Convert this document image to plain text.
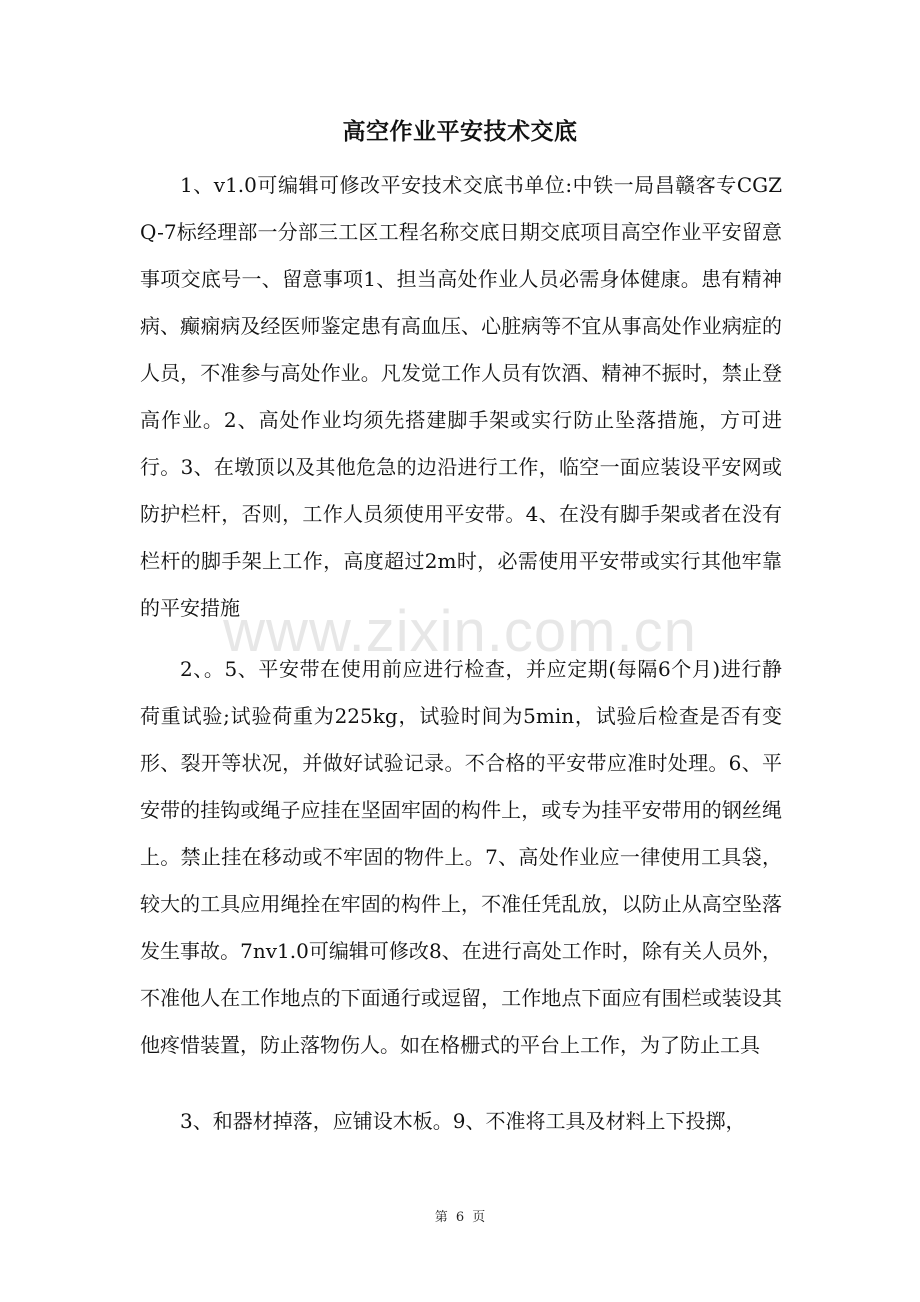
高空作业平安技术交底

1、v1.0可编辑可修改平安技术交底书单位:中铁一局昌赣客专CGZQ-7标经理部一分部三工区工程名称交底日期交底项目高空作业平安留意事项交底号一、留意事项1、担当高处作业人员必需身体健康。患有精神病、癫痫病及经医师鉴定患有高血压、心脏病等不宜从事高处作业病症的人员，不准参与高处作业。凡发觉工作人员有饮酒、精神不振时，禁止登高作业。2、高处作业均须先搭建脚手架或实行防止坠落措施，方可进行。3、在墩顶以及其他危急的边沿进行工作，临空一面应装设平安网或防护栏杆，否则，工作人员须使用平安带。4、在没有脚手架或者在没有栏杆的脚手架上工作，高度超过2m时，必需使用平安带或实行其他牢靠的平安措施

2、。5、平安带在使用前应进行检查，并应定期(每隔6个月)进行静荷重试验;试验荷重为225kg，试验时间为5min，试验后检查是否有变形、裂开等状况，并做好试验记录。不合格的平安带应准时处理。6、平安带的挂钩或绳子应挂在坚固牢固的构件上，或专为挂平安带用的钢丝绳上。禁止挂在移动或不牢固的物件上。7、高处作业应一律使用工具袋，较大的工具应用绳拴在牢固的构件上，不准任凭乱放，以防止从高空坠落发生事故。7nv1.0可编辑可修改8、在进行高处工作时，除有关人员外，不准他人在工作地点的下面通行或逗留，工作地点下面应有围栏或装设其他疼惜装置，防止落物伤人。如在格栅式的平台上工作，为了防止工具

3、和器材掉落，应铺设木板。9、不准将工具及材料上下投掷，

www.zixin.com.cn
第 6 页
